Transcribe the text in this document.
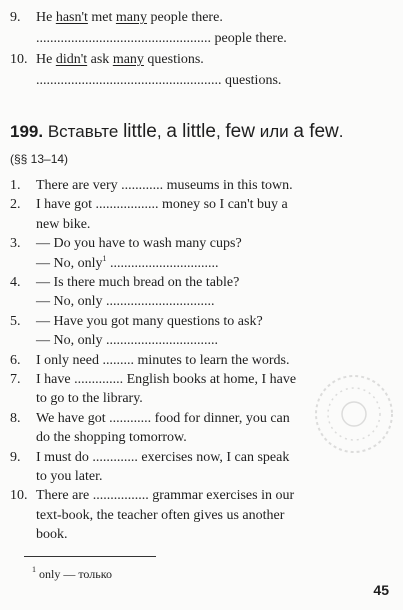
9. He hasn't met many people there.
.................................................. people there.
10. He didn't ask many questions.
..................................................... questions.
199. Вставьте little, a little, few или a few.
(§§ 13–14)
1. There are very ............ museums in this town.
2. I have got .................. money so I can't buy a
new bike.
3. — Do you have to wash many cups?
— No, only$^1$ ...............................
4. — Is there much bread on the table?
— No, only ...............................
5. — Have you got many questions to ask?
— No, only ................................
6. I only need ......... minutes to learn the words.
7. I have .............. English books at home, I have
to go to the library.
8. We have got ............ food for dinner, you can
do the shopping tomorrow.
9. I must do ............. exercises now, I can speak
to you later.
10. There are ................ grammar exercises in our
text-book, the teacher often gives us another
book.
$^1$ only — только
45
